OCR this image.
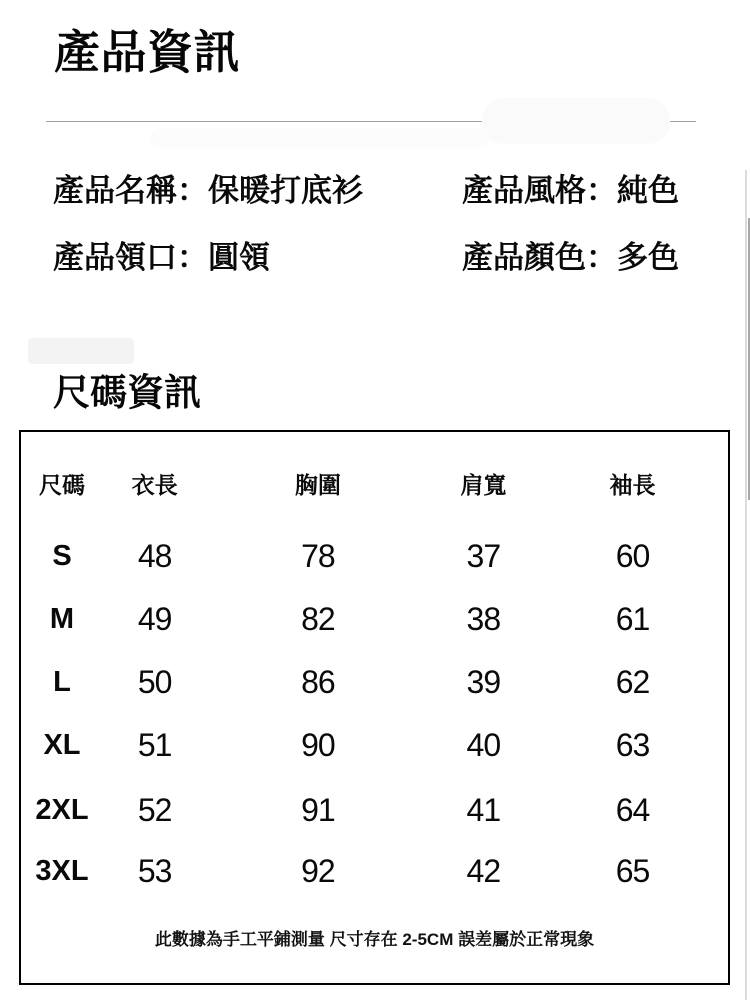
產品資訊
產品名稱：保暖打底衫	產品風格：純色
產品領口：圓領	產品顏色：多色
尺碼資訊
尺碼	衣長	胸圍	肩寬	袖長
S	48	78	37	60
M	49	82	38	61
L	50	86	39	62
XL	51	90	40	63
2XL	52	91	41	64
3XL	53	92	42	65
此數據為手工平鋪測量 尺寸存在 2-5CM 誤差屬於正常現象
